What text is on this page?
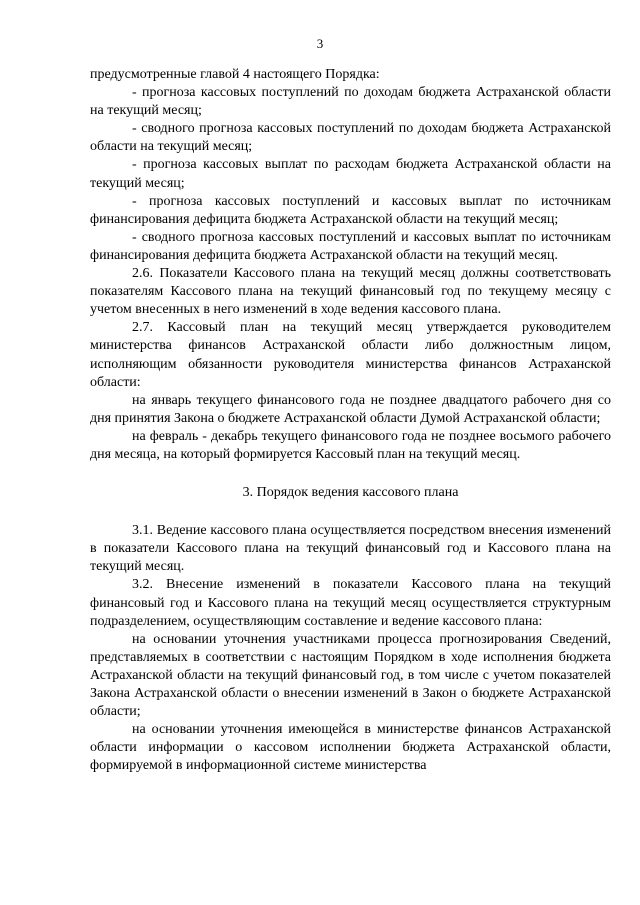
3

предусмотренные главой 4 настоящего Порядка:

- прогноза кассовых поступлений по доходам бюджета Астраханской области на текущий месяц;

- сводного прогноза кассовых поступлений по доходам бюджета Астраханской области на текущий месяц;

- прогноза кассовых выплат по расходам бюджета Астраханской области на текущий месяц;

- прогноза кассовых поступлений и кассовых выплат по источникам финансирования дефицита бюджета Астраханской области на текущий месяц;

- сводного прогноза кассовых поступлений и кассовых выплат по источникам финансирования дефицита бюджета Астраханской области на текущий месяц.

2.6. Показатели Кассового плана на текущий месяц должны соответствовать показателям Кассового плана на текущий финансовый год по текущему месяцу с учетом внесенных в него изменений в ходе ведения кассового плана.

2.7. Кассовый план на текущий месяц утверждается руководителем министерства финансов Астраханской области либо должностным лицом, исполняющим обязанности руководителя министерства финансов Астраханской области:

на январь текущего финансового года не позднее двадцатого рабочего дня со дня принятия Закона о бюджете Астраханской области Думой Астраханской области;

на февраль - декабрь текущего финансового года не позднее восьмого рабочего дня месяца, на который формируется Кассовый план на текущий месяц.

3. Порядок ведения кассового плана

3.1. Ведение кассового плана осуществляется посредством внесения изменений в показатели Кассового плана на текущий финансовый год и Кассового плана на текущий месяц.

3.2. Внесение изменений в показатели Кассового плана на текущий финансовый год и Кассового плана на текущий месяц осуществляется структурным подразделением, осуществляющим составление и ведение кассового плана:

на основании уточнения участниками процесса прогнозирования Сведений, представляемых в соответствии с настоящим Порядком в ходе исполнения бюджета Астраханской области на текущий финансовый год, в том числе с учетом показателей Закона Астраханской области о внесении изменений в Закон о бюджете Астраханской области;

на основании уточнения имеющейся в министерстве финансов Астраханской области информации о кассовом исполнении бюджета Астраханской области, формируемой в информационной системе министерства
